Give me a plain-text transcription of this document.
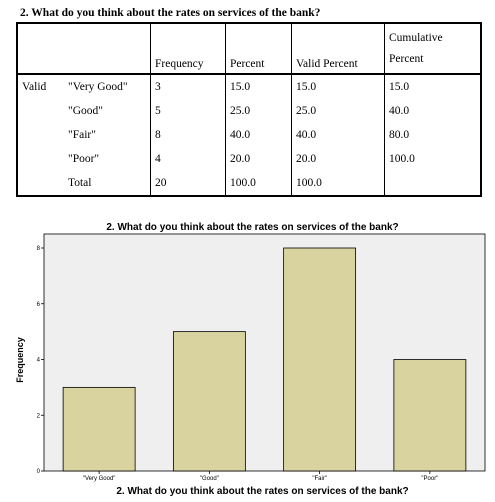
2. What do you think about the rates on services of the bank?
		Frequency	Percent	Valid Percent	Cumulative
Percent
Valid	"Very Good"	3	15.0	15.0	15.0
	"Good"	5	25.0	25.0	40.0
	"Fair"	8	40.0	40.0	80.0
	"Poor"	4	20.0	20.0	100.0
	Total	20	100.0	100.0	
2. What do you think about the rates on services of the bank?
Frequency
2. What do you think about the rates on services of the bank?
0
2
4
6
8
"Very Good"	"Good"	"Fair"	"Poor"
